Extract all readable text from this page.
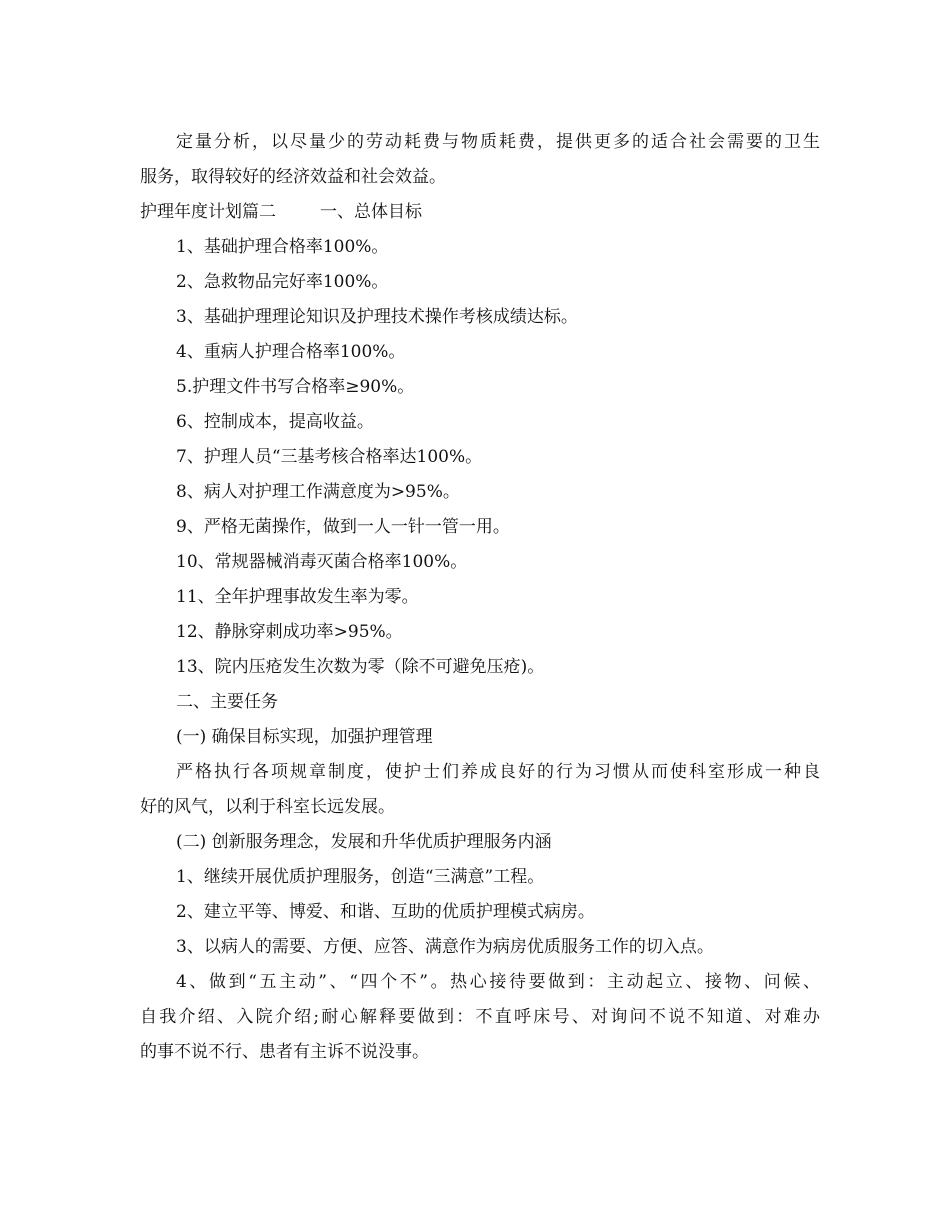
定量分析，以尽量少的劳动耗费与物质耗费，提供更多的适合社会需要的卫生
服务，取得较好的经济效益和社会效益。
护理年度计划篇二	一、总体目标
1、基础护理合格率100%。
2、急救物品完好率100%。
3、基础护理理论知识及护理技术操作考核成绩达标。
4、重病人护理合格率100%。
5.护理文件书写合格率≥90%。
6、控制成本，提高收益。
7、护理人员“三基考核合格率达100%。
8、病人对护理工作满意度为>95%。
9、严格无菌操作，做到一人一针一管一用。
10、常规器械消毒灭菌合格率100%。
11、全年护理事故发生率为零。
12、静脉穿刺成功率>95%。
13、院内压疮发生次数为零（除不可避免压疮)。
二、主要任务
(一) 确保目标实现，加强护理管理
严格执行各项规章制度，使护士们养成良好的行为习惯从而使科室形成一种良
好的风气，以利于科室长远发展。
(二) 创新服务理念，发展和升华优质护理服务内涵
1、继续开展优质护理服务，创造“三满意”工程。
2、建立平等、博爱、和谐、互助的优质护理模式病房。
3、以病人的需要、方便、应答、满意作为病房优质服务工作的切入点。
4、做到“五主动”、“四个不”。热心接待要做到：主动起立、接物、问候、
自我介绍、入院介绍;耐心解释要做到：不直呼床号、对询问不说不知道、对难办
的事不说不行、患者有主诉不说没事。
